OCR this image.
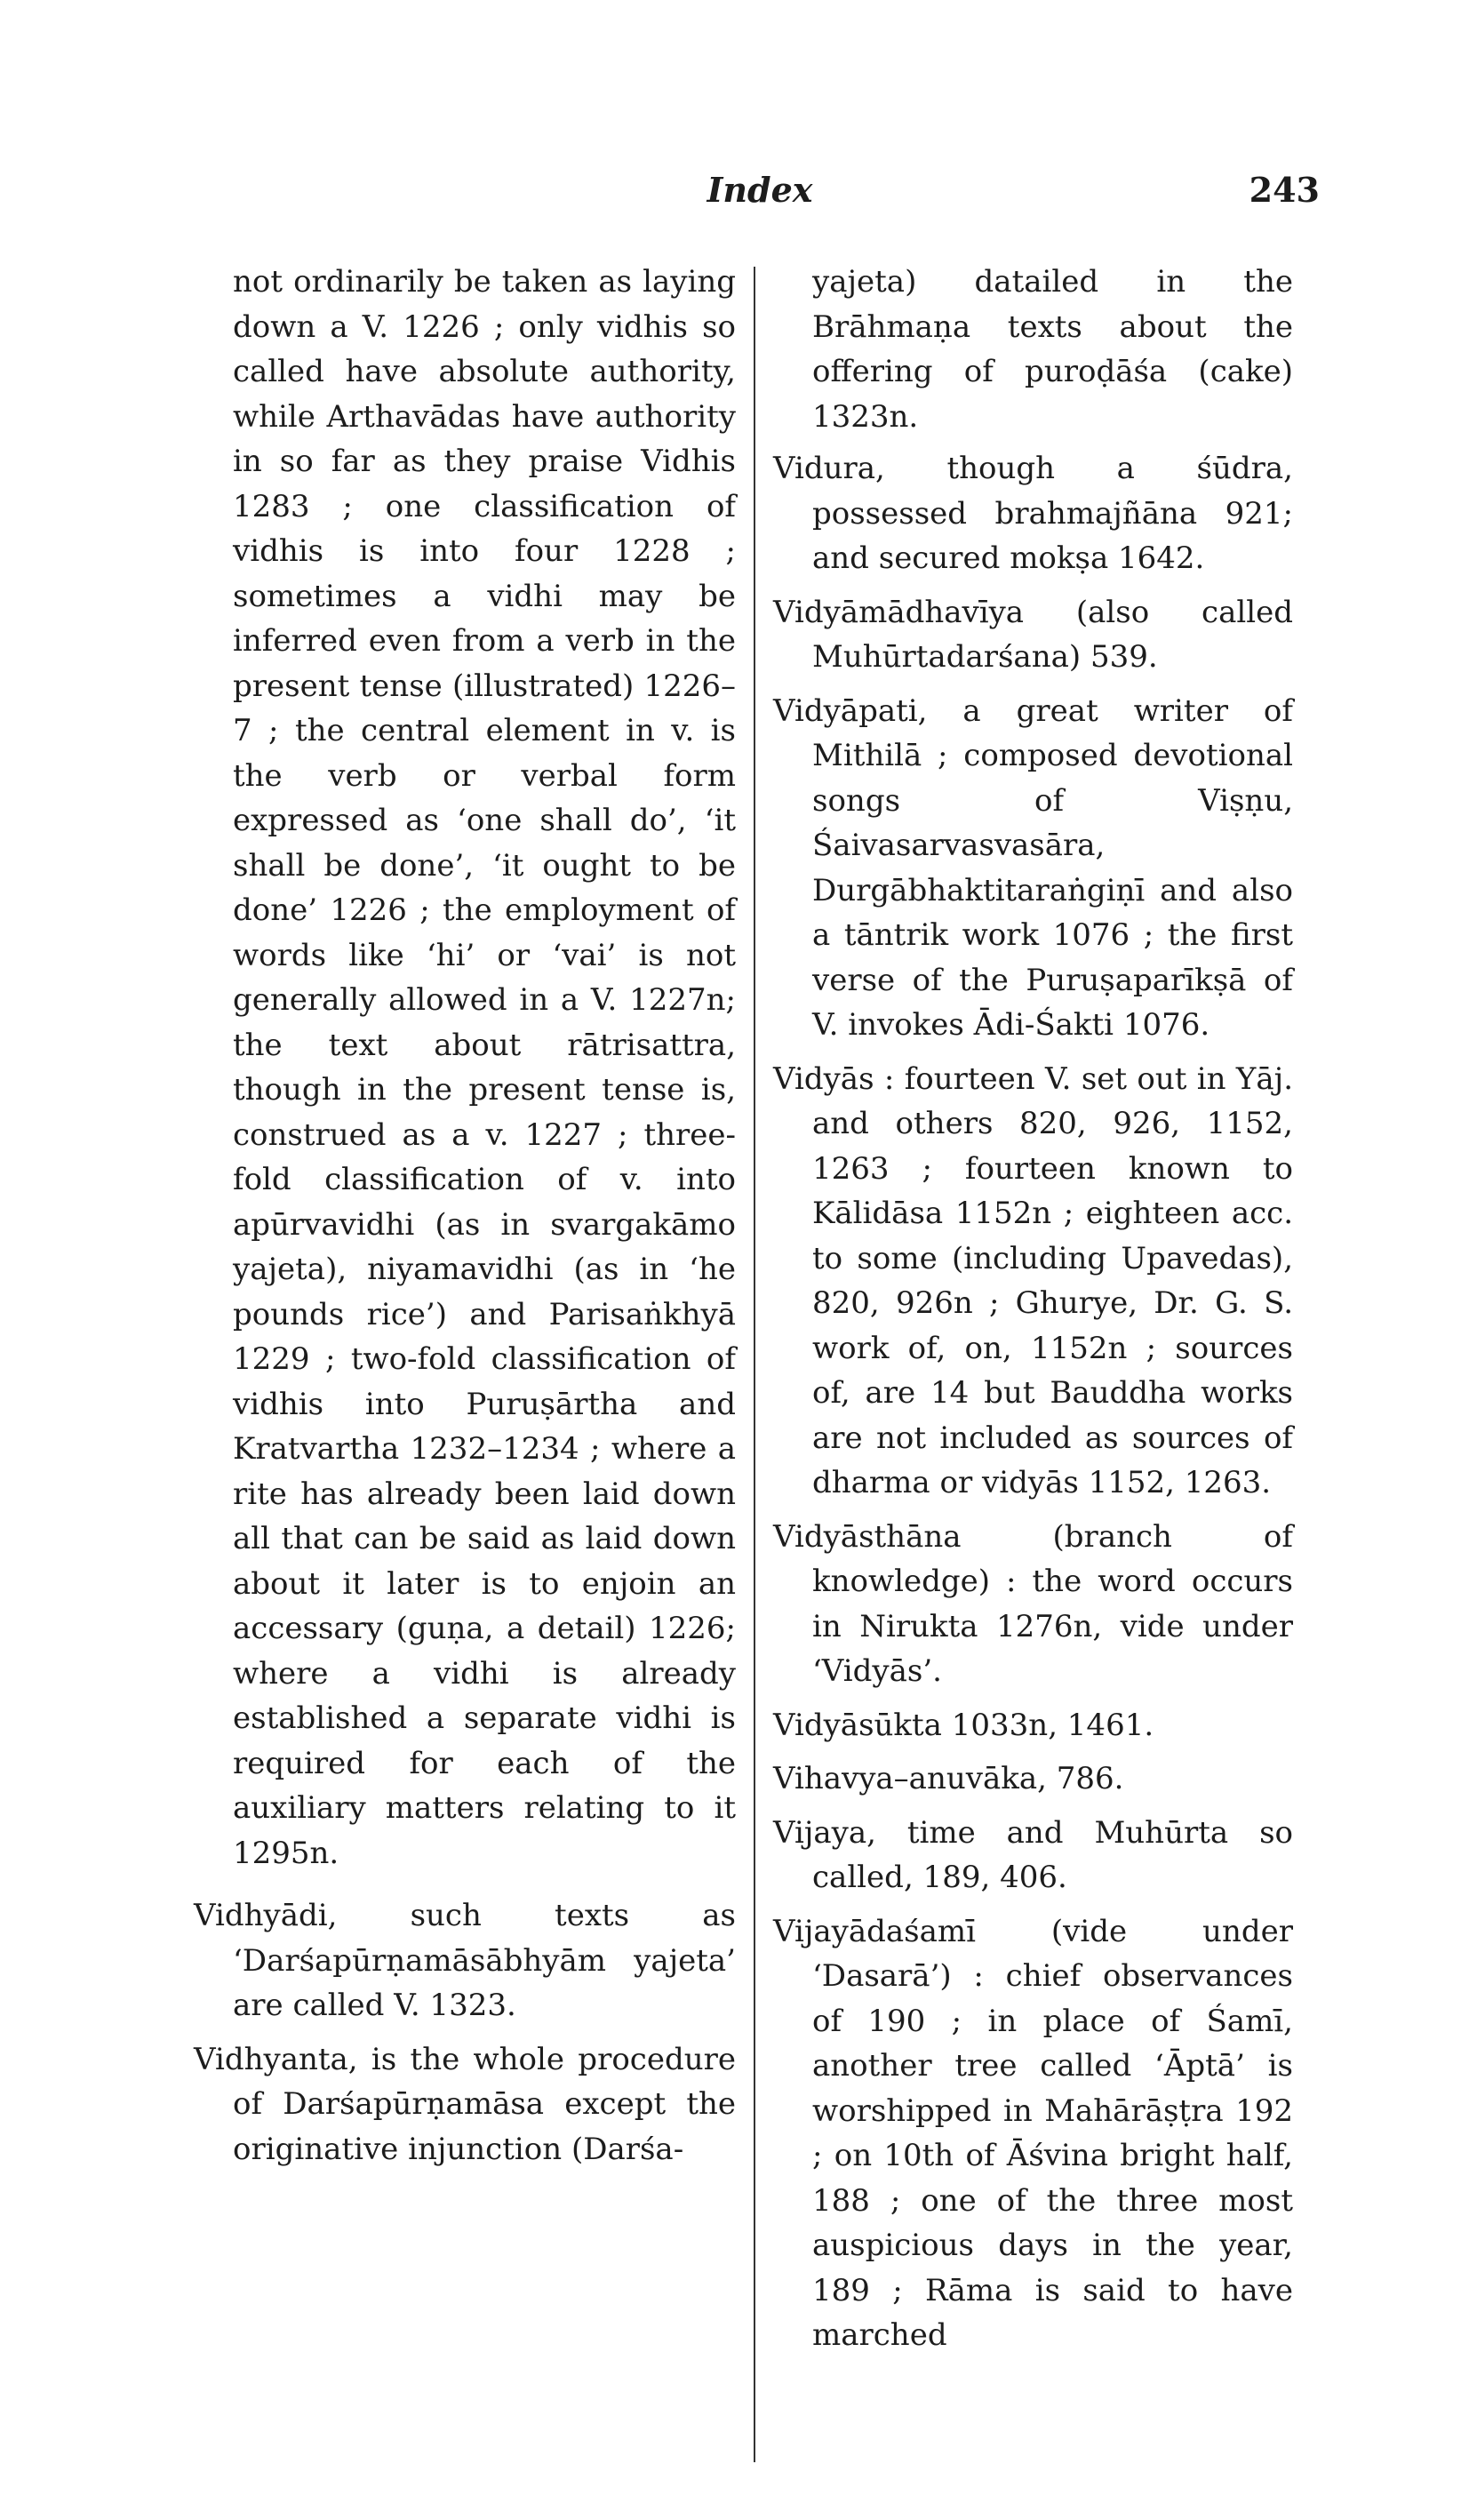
Index	243

not ordinarily be taken as laying down a V. 1226 ; only vidhis so called have absolute authority, while Arthavādas have authority in so far as they praise Vidhis 1283 ; one classification of vidhis is into four 1228 ; sometimes a vidhi may be inferred even from a verb in the present tense (illustrated) 1226–7 ; the central element in v. is the verb or verbal form expressed as ‘one shall do’, ‘it shall be done’, ‘it ought to be done’ 1226 ; the employment of words like ‘hi’ or ‘vai’ is not generally allowed in a V. 1227n; the text about rātrisattra, though in the present tense is, construed as a v. 1227 ; three-fold classification of v. into apūrvavidhi (as in svargakāmo yajeta), niyamavidhi (as in ‘he pounds rice’) and Parisaṅkhyā 1229 ; two-fold classification of vidhis into Puruṣārtha and Kratvartha 1232–1234 ; where a rite has already been laid down all that can be said as laid down about it later is to enjoin an accessary (guṇa, a detail) 1226; where a vidhi is already established a separate vidhi is required for each of the auxiliary matters relating to it 1295n.

Vidhyādi, such texts as ‘Darśapūrṇamāsābhyām yajeta’ are called V. 1323.

Vidhyanta, is the whole procedure of Darśapūrṇamāsa except the originative injunction (Darśa-

yajeta) datailed in the Brāhmaṇa texts about the offering of puroḍāśa (cake) 1323n.

Vidura, though a śūdra, possessed brahmajñāna 921; and secured mokṣa 1642.

Vidyāmādhavīya (also called Muhūrtadarśana) 539.

Vidyāpati, a great writer of Mithilā ; composed devotional songs of Viṣṇu, Śaivasarvasvasāra, Durgābhaktitaraṅgiṇī and also a tāntrik work 1076 ; the first verse of the Puruṣaparīkṣā of V. invokes Ādi-Śakti 1076.

Vidyās : fourteen V. set out in Yāj. and others 820, 926, 1152, 1263 ; fourteen known to Kālidāsa 1152n ; eighteen acc. to some (including Upavedas), 820, 926n ; Ghurye, Dr. G. S. work of, on, 1152n ; sources of, are 14 but Bauddha works are not included as sources of dharma or vidyās 1152, 1263.

Vidyāsthāna (branch of knowledge) : the word occurs in Nirukta 1276n, vide under ‘Vidyās’.

Vidyāsūkta 1033n, 1461.

Vihavya–anuvāka, 786.

Vijaya, time and Muhūrta so called, 189, 406.

Vijayādaśamī (vide under ‘Dasarā’) : chief observances of 190 ; in place of Śamī, another tree called ‘Āptā’ is worshipped in Mahārāṣṭra 192 ; on 10th of Āśvina bright half, 188 ; one of the three most auspicious days in the year, 189 ; Rāma is said to have marched
